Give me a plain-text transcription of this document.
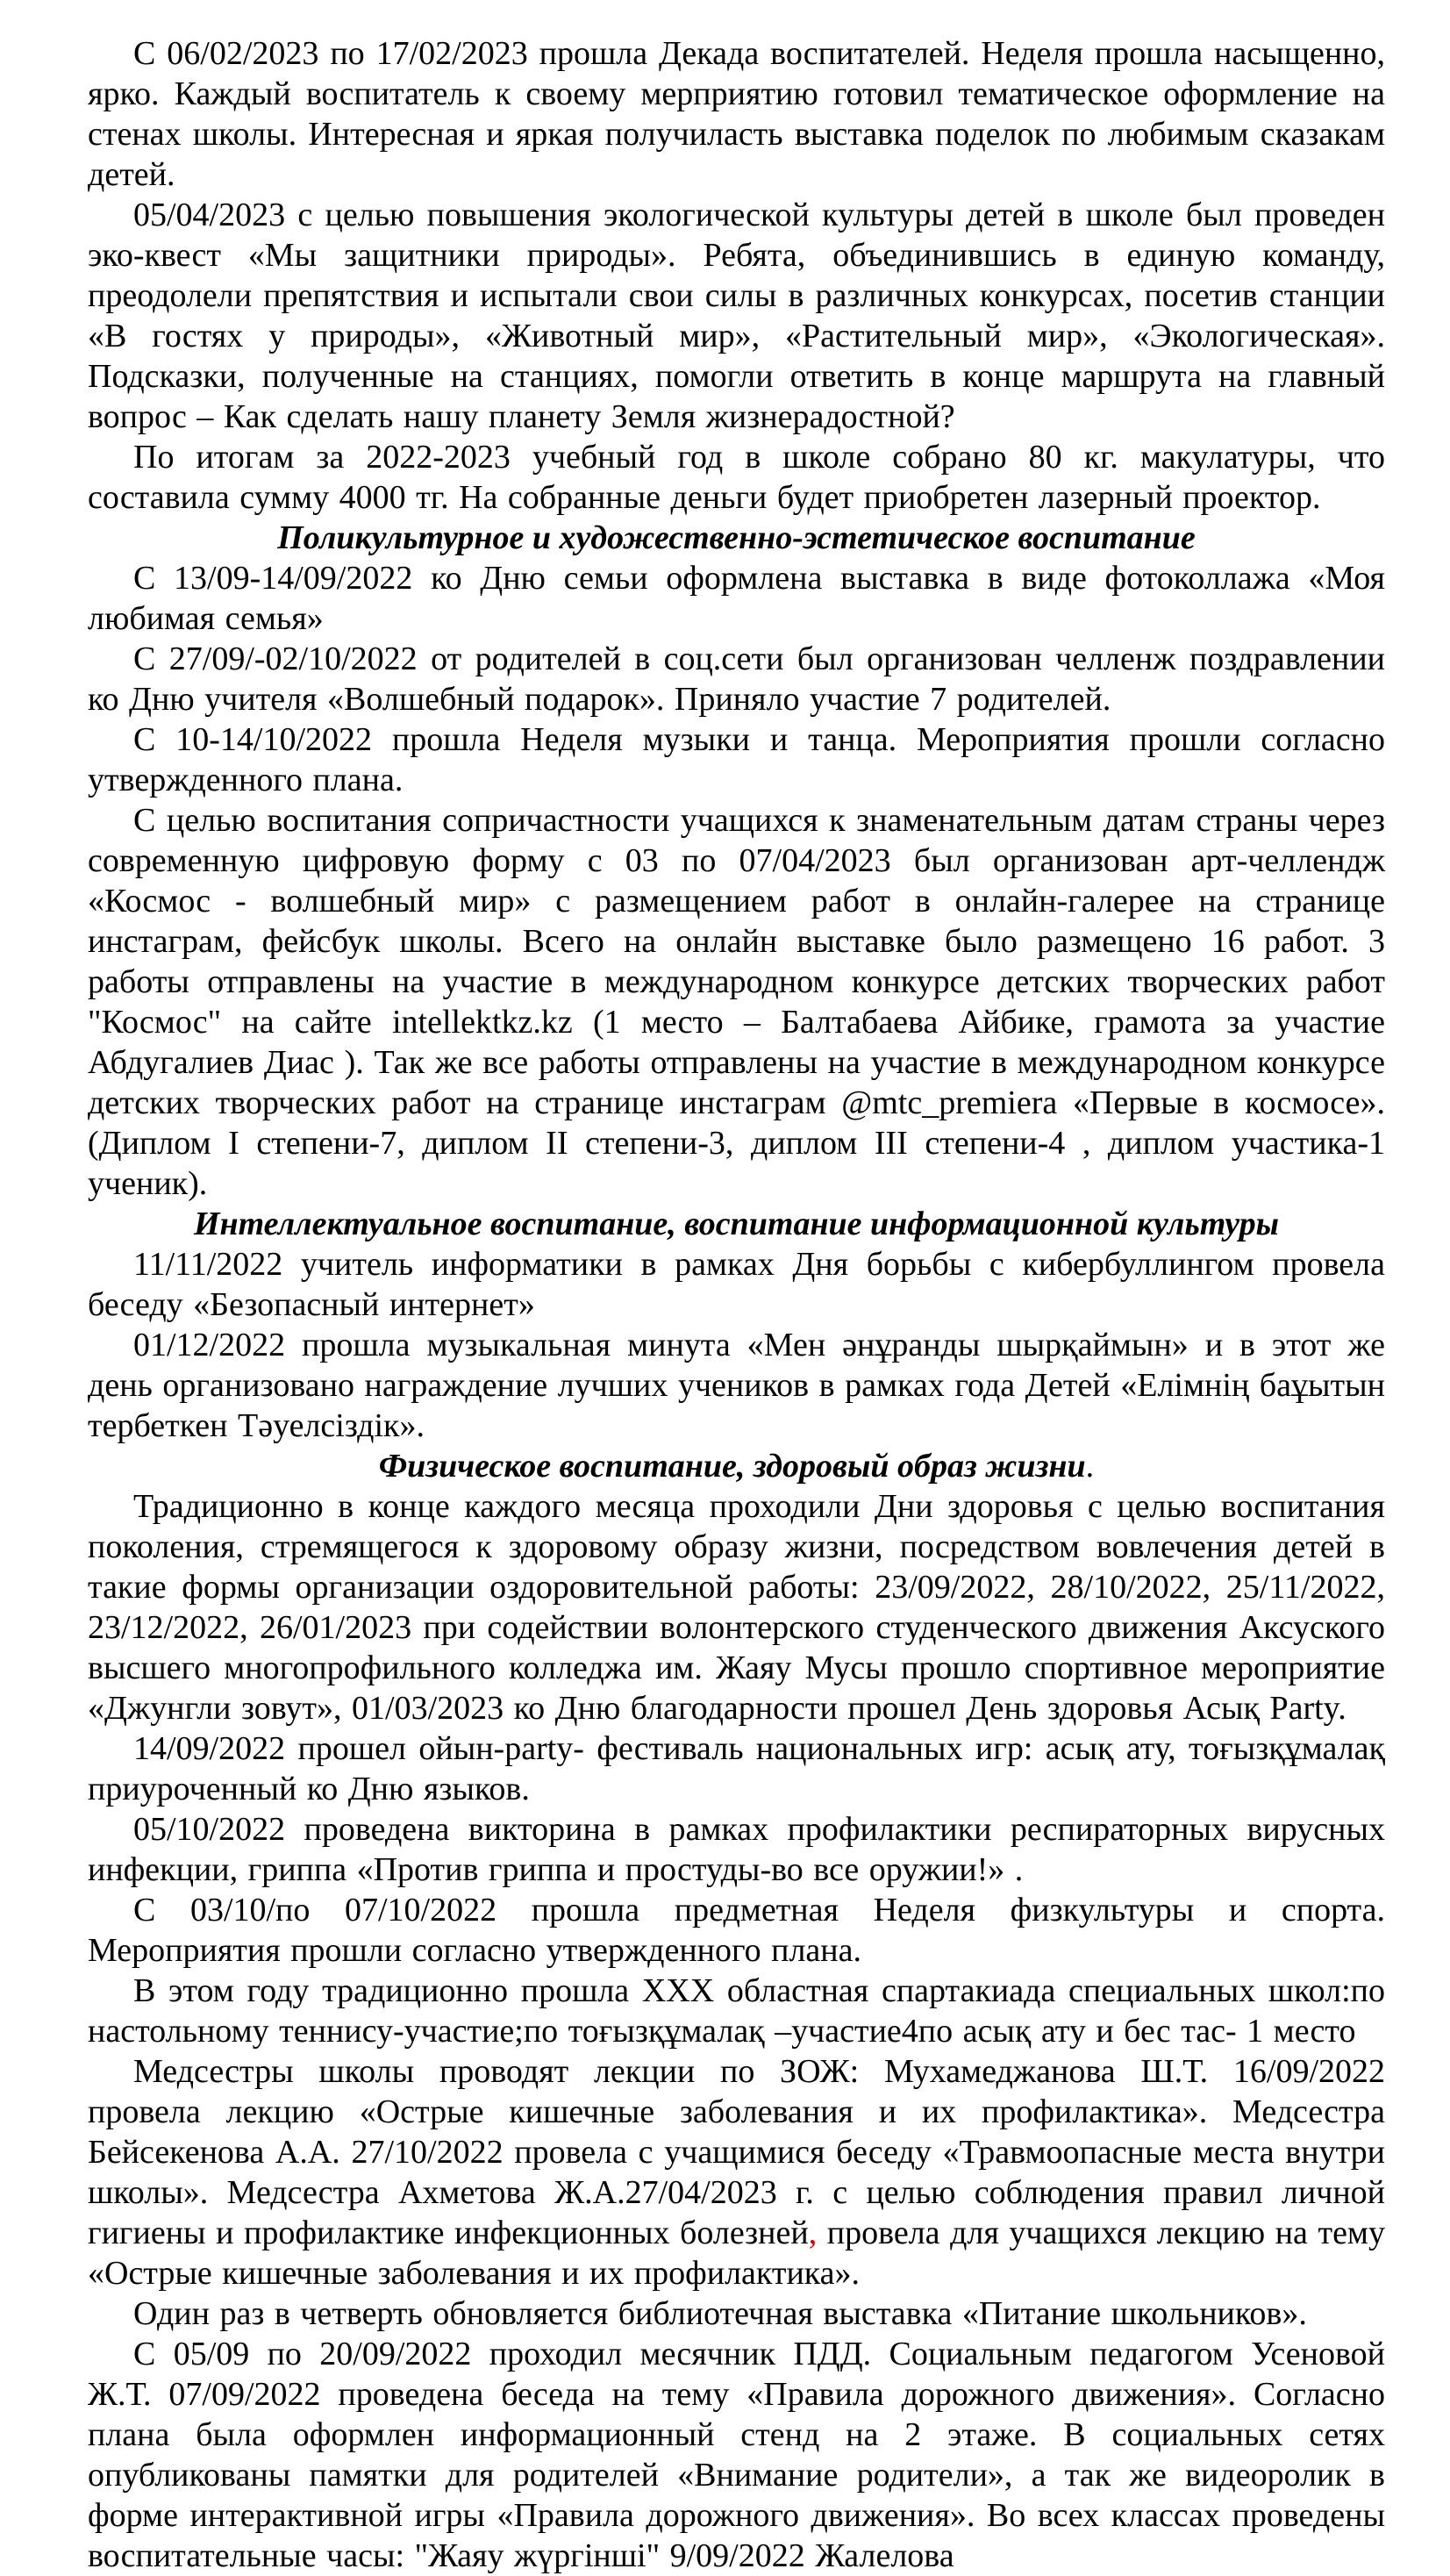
С 06/02/2023 по 17/02/2023 прошла Декада воспитателей. Неделя прошла насыщенно, ярко. Каждый воспитатель к своему мерприятию готовил тематическое оформление на стенах школы. Интересная и яркая получиласть выставка поделок по любимым сказакам детей.

05/04/2023 с целью повышения экологической культуры детей в школе был проведен эко-квест «Мы защитники природы». Ребята, объединившись в единую команду, преодолели препятствия и испытали свои силы в различных конкурсах, посетив станции «В гостях у природы», «Животный мир», «Растительный мир», «Экологическая». Подсказки, полученные на станциях, помогли ответить в конце маршрута на главный вопрос – Как сделать нашу планету Земля жизнерадостной?

По итогам за 2022-2023 учебный год в школе собрано 80 кг. макулатуры, что составила сумму 4000 тг. На собранные деньги будет приобретен лазерный проектор.

Поликультурное и художественно-эстетическое воспитание

С 13/09-14/09/2022 ко Дню семьи оформлена выставка в виде фотоколлажа «Моя любимая семья»

С 27/09/-02/10/2022 от родителей в соц.сети был организован челленж поздравлении ко Дню учителя «Волшебный подарок». Приняло участие 7 родителей.

С 10-14/10/2022 прошла Неделя музыки и танца. Мероприятия прошли согласно утвержденного плана.

С целью воспитания сопричастности учащихся к знаменательным датам страны через современную цифровую форму с 03 по 07/04/2023 был организован арт-челлендж «Космос - волшебный мир» с размещением работ в онлайн-галерее на странице инстаграм, фейсбук школы. Всего на онлайн выставке было размещено 16 работ. 3 работы отправлены на участие в международном конкурсе детских творческих работ "Космос" на сайте intellektkz.kz (1 место – Балтабаева Айбике, грамота за участие Абдугалиев Диас ). Так же все работы отправлены на участие в международном конкурсе детских творческих работ на странице инстаграм @mtc_premiera «Первые в космосе». (Диплом I степени-7, диплом II степени-3, диплом III степени-4 , диплом участика-1 ученик).

Интеллектуальное воспитание, воспитание информационной культуры

11/11/2022 учитель информатики в рамках Дня борьбы с кибербуллингом провела беседу «Безопасный интернет»

01/12/2022 прошла музыкальная минута «Мен әнұранды шырқаймын» и в этот же день организовано награждение лучших учеников в рамках года Детей «Елімнің баұытын тербеткен Тәуелсіздік».

Физическое воспитание, здоровый образ жизни.

Традиционно в конце каждого месяца проходили Дни здоровья с целью воспитания поколения, стремящегося к здоровому образу жизни, посредством вовлечения детей в такие формы организации оздоровительной работы: 23/09/2022, 28/10/2022, 25/11/2022, 23/12/2022, 26/01/2023 при содействии волонтерского студенческого движения Аксуского высшего многопрофильного колледжа им. Жаяу Мусы прошло спортивное мероприятие «Джунгли зовут», 01/03/2023 ко Дню благодарности прошел День здоровья Асық Party.

14/09/2022 прошел ойын-party- фестиваль национальных игр: асық ату, тоғызқұмалақ приуроченный ко Дню языков.

05/10/2022 проведена викторина в рамках профилактики респираторных вирусных инфекции, гриппа «Против гриппа и простуды-во все оружии!» .

С 03/10/по 07/10/2022 прошла предметная Неделя физкультуры и спорта. Мероприятия прошли согласно утвержденного плана.

В этом году традиционно прошла XXX областная спартакиада специальных школ:по настольному теннису-участие;по тоғызқұмалақ –участие4по асық ату и бес тас- 1 место

Медсестры школы проводят лекции по ЗОЖ: Мухамеджанова Ш.Т. 16/09/2022 провела лекцию «Острые кишечные заболевания и их профилактика». Медсестра Бейсекенова А.А. 27/10/2022 провела с учащимися беседу «Травмоопасные места внутри школы». Медсестра Ахметова Ж.А.27/04/2023 г. с целью соблюдения правил личной гигиены и профилактике инфекционных болезней, провела для учащихся лекцию на тему «Острые кишечные заболевания и их профилактика».

Один раз в четверть обновляется библиотечная выставка «Питание школьников».

С 05/09 по 20/09/2022 проходил месячник ПДД. Социальным педагогом Усеновой Ж.Т. 07/09/2022 проведена беседа на тему «Правила дорожного движения». Согласно плана была оформлен информационный стенд на 2 этаже. В социальных сетях опубликованы памятки для родителей «Внимание родители», а так же видеоролик в форме интерактивной игры «Правила дорожного движения». Во всех классах проведены воспитательные часы: "Жаяу жүргінші" 9/09/2022 Жалелова
